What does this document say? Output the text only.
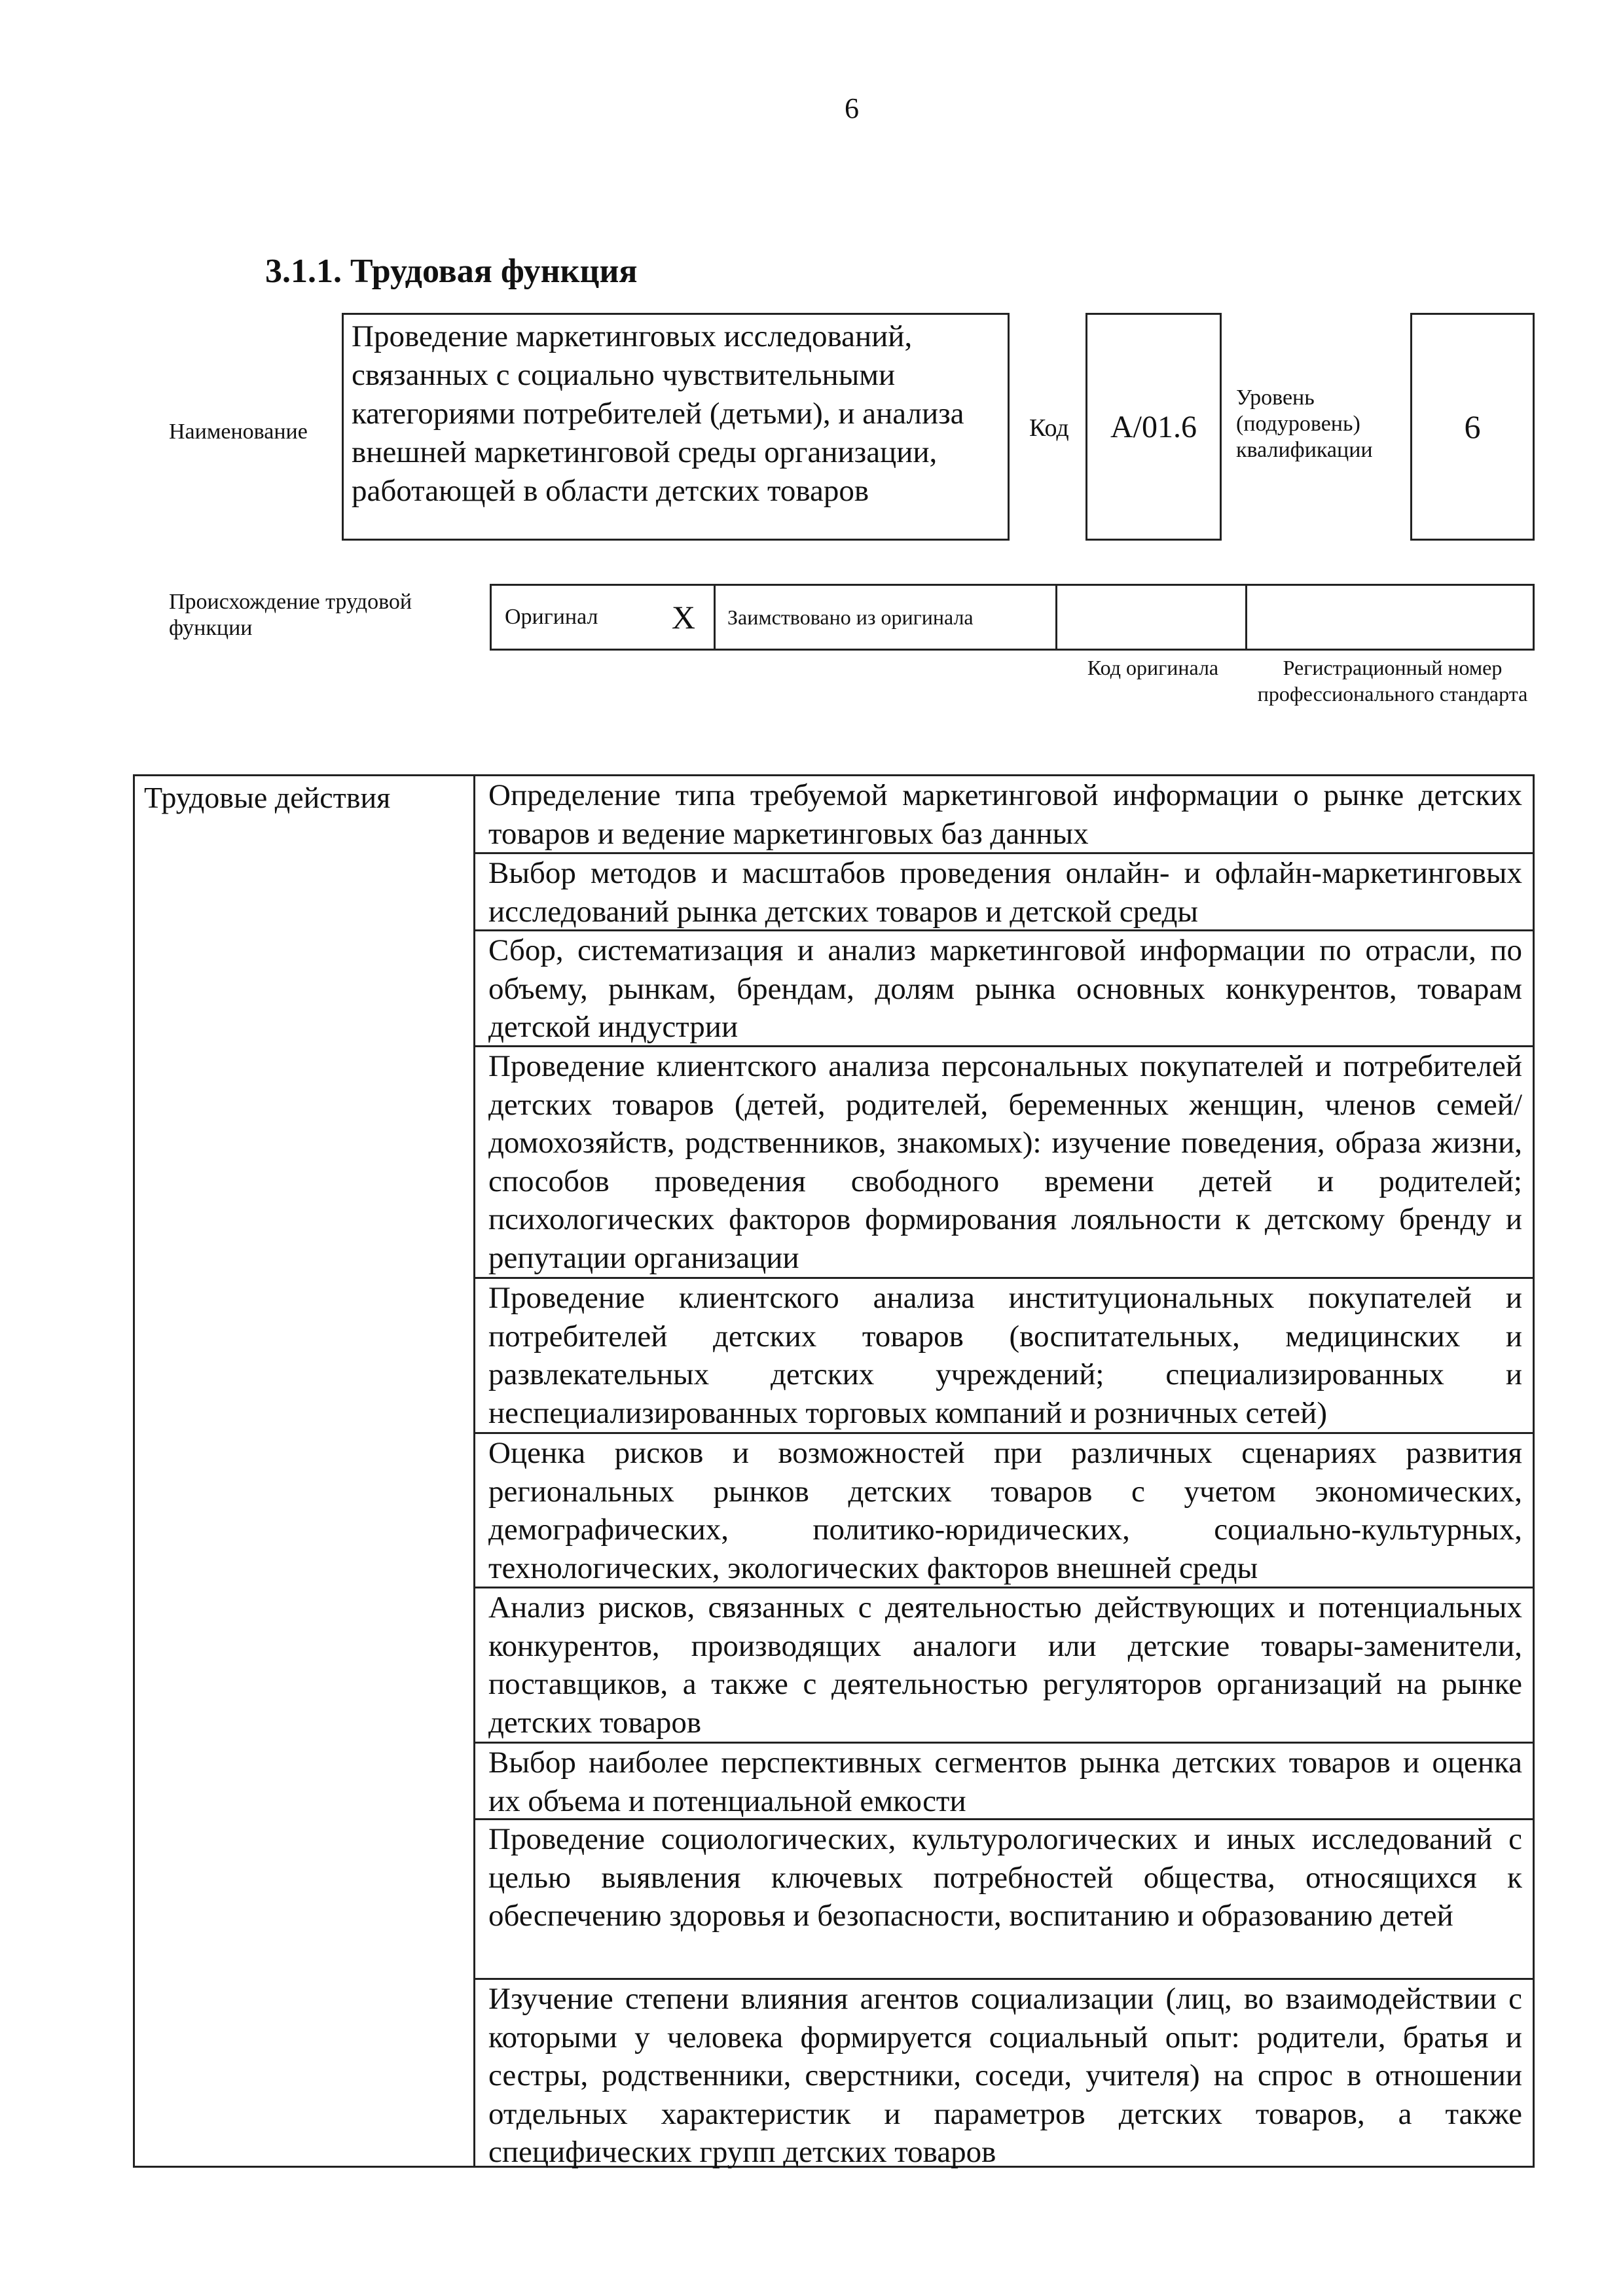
6
3.1.1. Трудовая функция
Наименование
Проведение маркетинговых исследований, связанных с социально чувствительными категориями потребителей (детьми), и анализа внешней маркетинговой среды организации, работающей в области детских товаров
Код A/01.6
Уровень
(подуровень)
квалификации
6
Происхождение трудовой функции	Оригинал X Заимствовано из оригинала
Код оригинала	Регистрационный номер профессионального стандарта
Трудовые действия	Определение типа требуемой маркетинговой информации о рынке детских товаров и ведение маркетинговых баз данных
Выбор методов и масштабов проведения онлайн- и офлайн-маркетинговых исследований рынка детских товаров и детской среды
Сбор, систематизация и анализ маркетинговой информации по отрасли, по объему, рынкам, брендам, долям рынка основных конкурентов, товарам детской индустрии
Проведение клиентского анализа персональных покупателей и потребителей детских товаров (детей, родителей, беременных женщин, членов семей/домохозяйств, родственников, знакомых): изучение поведения, образа жизни, способов проведения свободного времени детей и родителей; психологических факторов формирования лояльности к детскому бренду и репутации организации
Проведение клиентского анализа институциональных покупателей и потребителей детских товаров (воспитательных, медицинских и развлекательных детских учреждений; специализированных и неспециализированных торговых компаний и розничных сетей)
Оценка рисков и возможностей при различных сценариях развития региональных рынков детских товаров с учетом экономических, демографических, политико-юридических, социально-культурных, технологических, экологических факторов внешней среды
Анализ рисков, связанных с деятельностью действующих и потенциальных конкурентов, производящих аналоги или детские товары-заменители, поставщиков, а также с деятельностью регуляторов организаций на рынке детских товаров
Выбор наиболее перспективных сегментов рынка детских товаров и оценка их объема и потенциальной емкости
Проведение социологических, культурологических и иных исследований с целью выявления ключевых потребностей общества, относящихся к обеспечению здоровья и безопасности, воспитанию и образованию детей
Изучение степени влияния агентов социализации (лиц, во взаимодействии с которыми у человека формируется социальный опыт: родители, братья и сестры, родственники, сверстники, соседи, учителя) на спрос в отношении отдельных характеристик и параметров детских товаров, а также специфических групп детских товаров
